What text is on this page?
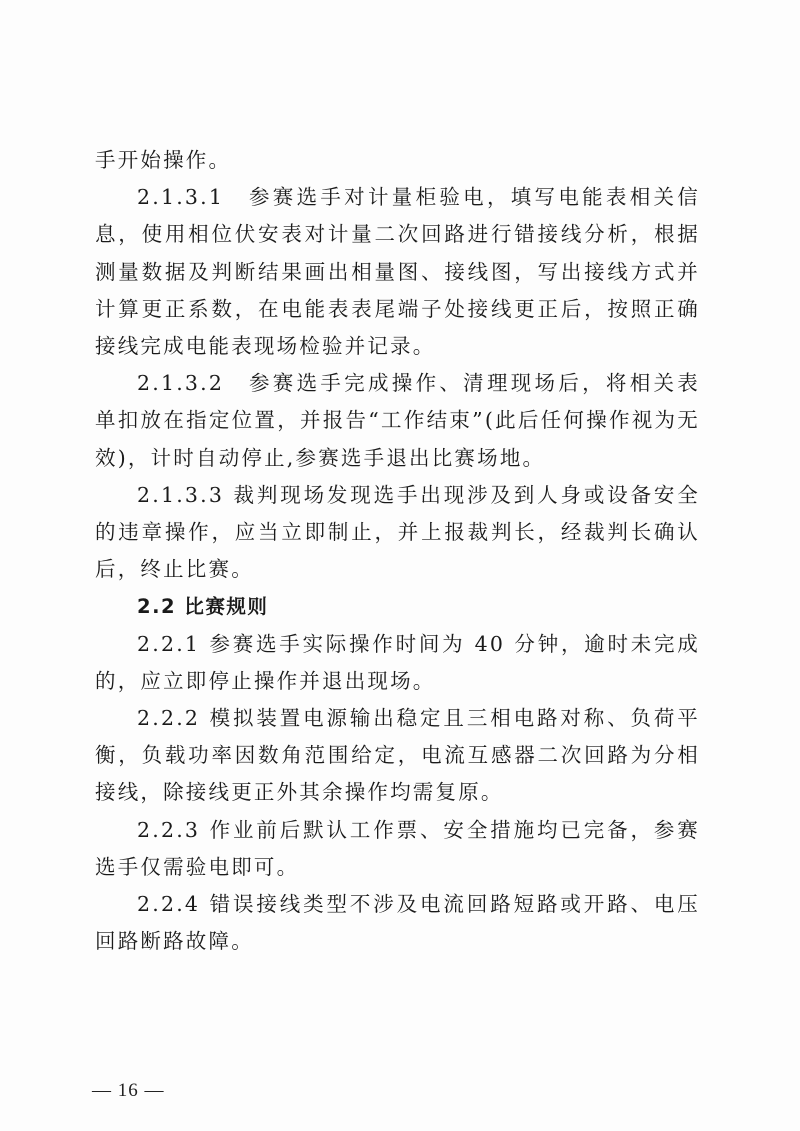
手开始操作。

2.1.3.1　参赛选手对计量柜验电，填写电能表相关信息，使用相位伏安表对计量二次回路进行错接线分析，根据测量数据及判断结果画出相量图、接线图，写出接线方式并计算更正系数，在电能表表尾端子处接线更正后，按照正确接线完成电能表现场检验并记录。

2.1.3.2　参赛选手完成操作、清理现场后，将相关表单扣放在指定位置，并报告“工作结束”(此后任何操作视为无效)，计时自动停止,参赛选手退出比赛场地。

2.1.3.3 裁判现场发现选手出现涉及到人身或设备安全的违章操作，应当立即制止，并上报裁判长，经裁判长确认后，终止比赛。

2.2 比赛规则

2.2.1 参赛选手实际操作时间为 40 分钟，逾时未完成的，应立即停止操作并退出现场。

2.2.2 模拟装置电源输出稳定且三相电路对称、负荷平衡，负载功率因数角范围给定，电流互感器二次回路为分相接线，除接线更正外其余操作均需复原。

2.2.3 作业前后默认工作票、安全措施均已完备，参赛选手仅需验电即可。

2.2.4 错误接线类型不涉及电流回路短路或开路、电压回路断路故障。

— 16 —
